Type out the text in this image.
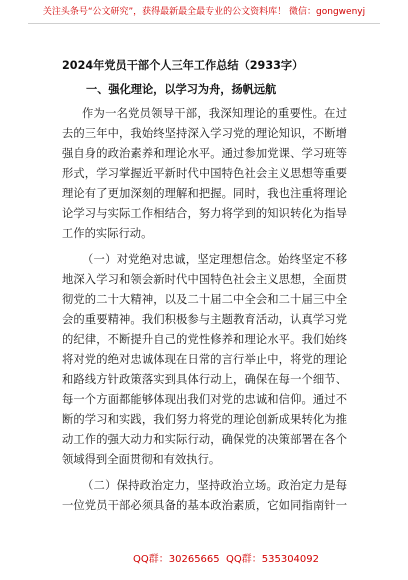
关注头条号“公文研究”，获得最新最全最专业的公文资料库！ 微信：gongwenyj
2024年党员干部个人三年工作总结（2933字）
一、强化理论，以学习为舟，扬帆远航
作为一名党员领导干部，我深知理论的重要性。在过
去的三年中，我始终坚持深入学习党的理论知识，不断增
强自身的政治素养和理论水平。通过参加党课、学习班等
形式，学习掌握近平新时代中国特色社会主义思想等重要
理论有了更加深刻的理解和把握。同时，我也注重将理论
论学习与实际工作相结合，努力将学到的知识转化为指导
工作的实际行动。
（一）对党绝对忠诚，坚定理想信念。始终坚定不移
地深入学习和领会新时代中国特色社会主义思想，全面贯
彻党的二十大精神，以及二十届二中全会和二十届三中全
会的重要精神。我们积极参与主题教育活动，认真学习党
的纪律，不断提升自己的党性修养和理论水平。我们始终
将对党的绝对忠诚体现在日常的言行举止中，将党的理论
和路线方针政策落实到具体行动上，确保在每一个细节、
每一个方面都能够体现出我们对党的忠诚和信仰。通过不
断的学习和实践，我们努力将党的理论创新成果转化为推
动工作的强大动力和实际行动，确保党的决策部署在各个
领域得到全面贯彻和有效执行。
（二）保持政治定力，坚持政治立场。政治定力是每
一位党员干部必须具备的基本政治素质，它如同指南针一
QQ群：30265665 QQ群：535304092
